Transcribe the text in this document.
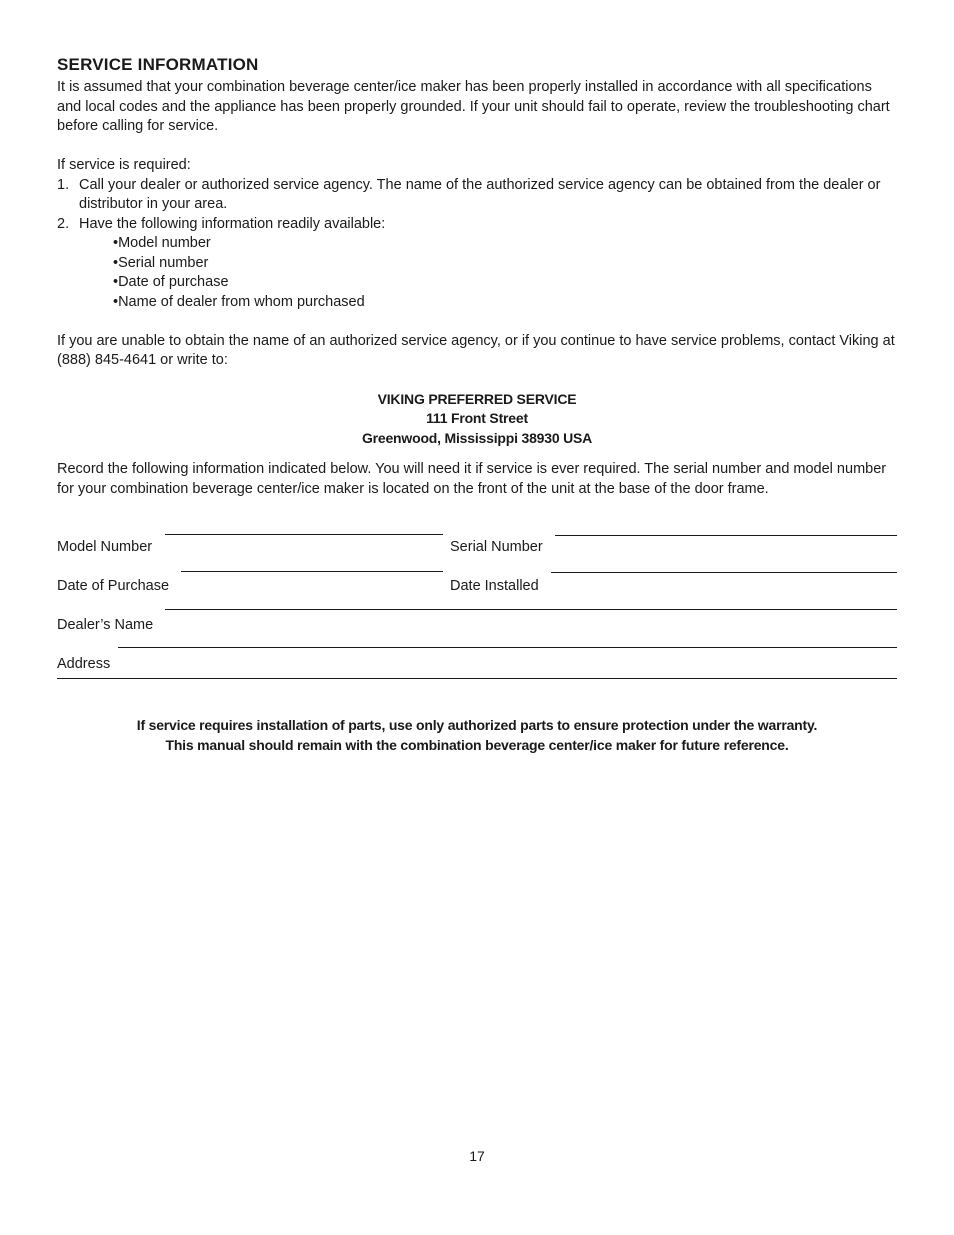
SERVICE INFORMATION

It is assumed that your combination beverage center/ice maker has been properly installed in accordance with all specifications and local codes and the appliance has been properly grounded. If your unit should fail to operate, review the troubleshooting chart before calling for service.

If service is required:

1. Call your dealer or authorized service agency. The name of the authorized service agency can be obtained from the dealer or distributor in your area.
2. Have the following information readily available:
•Model number
•Serial number
•Date of purchase
•Name of dealer from whom purchased

If you are unable to obtain the name of an authorized service agency, or if you continue to have service problems, contact Viking at (888) 845-4641 or write to:

VIKING PREFERRED SERVICE
111 Front Street
Greenwood, Mississippi 38930 USA

Record the following information indicated below. You will need it if service is ever required. The serial number and model number for your combination beverage center/ice maker is located on the front of the unit at the base of the door frame.

Model Number	Serial Number
Date of Purchase	Date Installed
Dealer’s Name
Address
If service requires installation of parts, use only authorized parts to ensure protection under the warranty.
This manual should remain with the combination beverage center/ice maker for future reference.
17
